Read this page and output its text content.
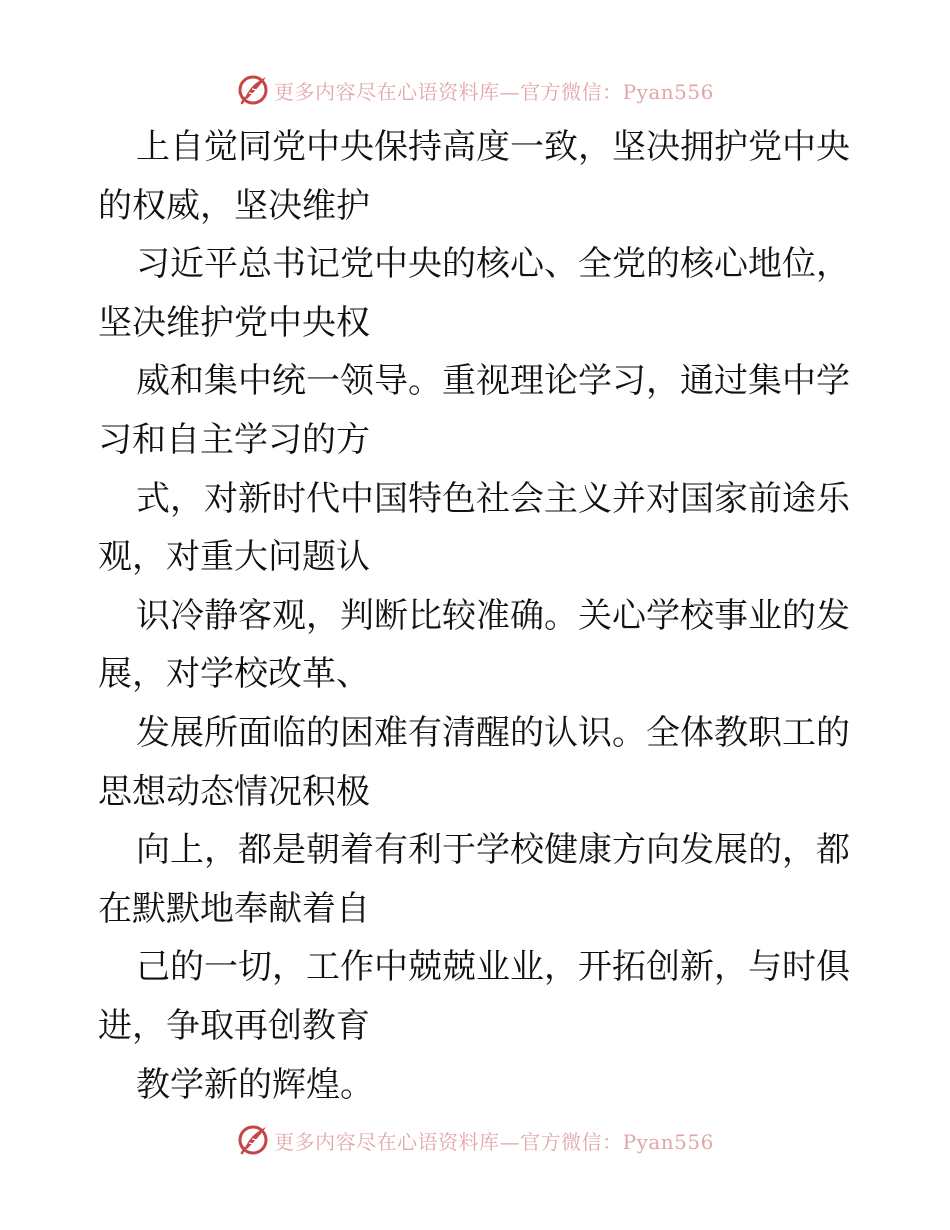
更多内容尽在心语资料库—官方微信：Pyan556
上自觉同党中央保持高度一致，坚决拥护党中央
的权威，坚决维护
习近平总书记党中央的核心、全党的核心地位，
坚决维护党中央权
威和集中统一领导。重视理论学习，通过集中学
习和自主学习的方
式，对新时代中国特色社会主义并对国家前途乐
观，对重大问题认
识冷静客观，判断比较准确。关心学校事业的发
展，对学校改革、
发展所面临的困难有清醒的认识。全体教职工的
思想动态情况积极
向上，都是朝着有利于学校健康方向发展的，都
在默默地奉献着自
己的一切，工作中兢兢业业，开拓创新，与时俱
进，争取再创教育
教学新的辉煌。
更多内容尽在心语资料库—官方微信：Pyan556
